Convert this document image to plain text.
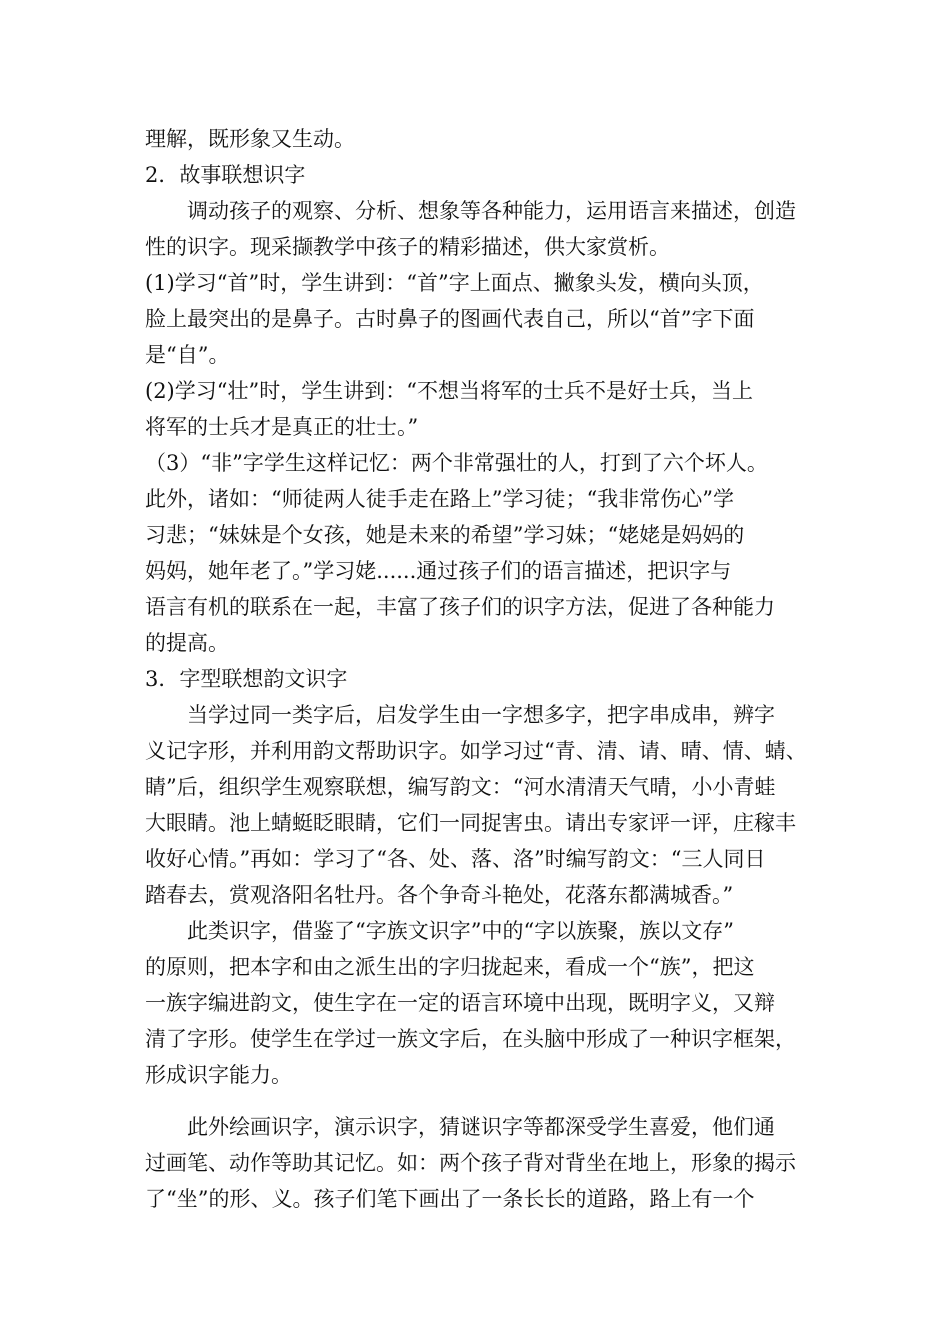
理解，既形象又生动。
2．故事联想识字
调动孩子的观察、分析、想象等各种能力，运用语言来描述，创造
性的识字。现采撷教学中孩子的精彩描述，供大家赏析。
(1)学习“首”时，学生讲到：“首”字上面点、撇象头发，横向头顶，
脸上最突出的是鼻子。古时鼻子的图画代表自己，所以“首”字下面
是“自”。
(2)学习“壮”时，学生讲到：“不想当将军的士兵不是好士兵，当上
将军的士兵才是真正的壮士。”
（3）“非”字学生这样记忆：两个非常强壮的人，打到了六个坏人。
此外，诸如：“师徒两人徒手走在路上”学习徒；“我非常伤心”学
习悲；“妹妹是个女孩，她是未来的希望”学习妹；“姥姥是妈妈的
妈妈，她年老了。”学习姥......通过孩子们的语言描述，把识字与
语言有机的联系在一起，丰富了孩子们的识字方法，促进了各种能力
的提高。
3．字型联想韵文识字
当学过同一类字后，启发学生由一字想多字，把字串成串，辨字
义记字形，并利用韵文帮助识字。如学习过“青、清、请、晴、情、蜻、
睛”后，组织学生观察联想，编写韵文：“河水清清天气晴，小小青蛙
大眼睛。池上蜻蜓眨眼睛，它们一同捉害虫。请出专家评一评，庄稼丰
收好心情。”再如：学习了“各、处、落、洛”时编写韵文：“三人同日
踏春去，赏观洛阳名牡丹。各个争奇斗艳处，花落东都满城香。”
此类识字，借鉴了“字族文识字”中的“字以族聚，族以文存”
的原则，把本字和由之派生出的字归拢起来，看成一个“族”，把这
一族字编进韵文，使生字在一定的语言环境中出现，既明字义，又辩
清了字形。使学生在学过一族文字后，在头脑中形成了一种识字框架，
形成识字能力。
此外绘画识字，演示识字，猜谜识字等都深受学生喜爱，他们通
过画笔、动作等助其记忆。如：两个孩子背对背坐在地上，形象的揭示
了“坐”的形、义。孩子们笔下画出了一条长长的道路，路上有一个
